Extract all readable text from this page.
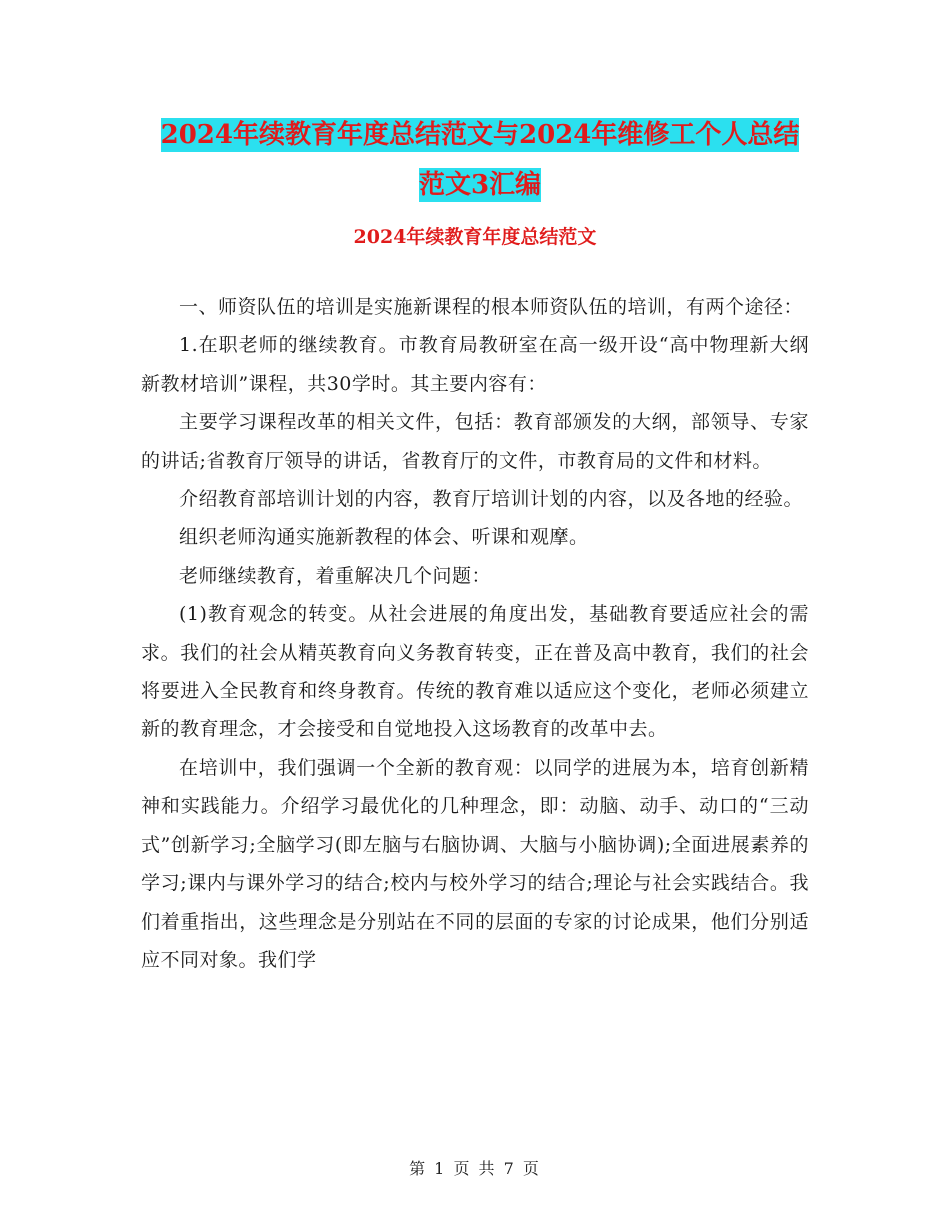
2024年续教育年度总结范文与2024年维修工个人总结
范文3汇编
2024年续教育年度总结范文

一、师资队伍的培训是实施新课程的根本师资队伍的培训，有两个途径：

1.在职老师的继续教育。市教育局教研室在高一级开设“高中物理新大纲新教材培训”课程，共30学时。其主要内容有：

主要学习课程改革的相关文件，包括：教育部颁发的大纲，部领导、专家的讲话;省教育厅领导的讲话，省教育厅的文件，市教育局的文件和材料。

介绍教育部培训计划的内容，教育厅培训计划的内容，以及各地的经验。

组织老师沟通实施新教程的体会、听课和观摩。

老师继续教育，着重解决几个问题：

(1)教育观念的转变。从社会进展的角度出发，基础教育要适应社会的需求。我们的社会从精英教育向义务教育转变，正在普及高中教育，我们的社会将要进入全民教育和终身教育。传统的教育难以适应这个变化，老师必须建立新的教育理念，才会接受和自觉地投入这场教育的改革中去。

在培训中，我们强调一个全新的教育观：以同学的进展为本，培育创新精神和实践能力。介绍学习最优化的几种理念，即：动脑、动手、动口的“三动式”创新学习;全脑学习(即左脑与右脑协调、大脑与小脑协调);全面进展素养的学习;课内与课外学习的结合;校内与校外学习的结合;理论与社会实践结合。我们着重指出，这些理念是分别站在不同的层面的专家的讨论成果，他们分别适应不同对象。我们学

第 1 页 共 7 页
